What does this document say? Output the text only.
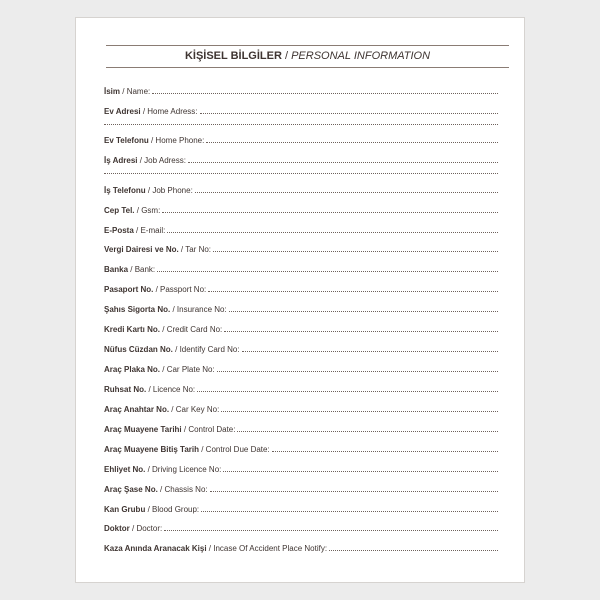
KİŞİSEL BİLGİLER / PERSONAL INFORMATION
İsim / Name:
Ev Adresi / Home Adress:
Ev Telefonu / Home Phone:
İş Adresi / Job Adress:
İş Telefonu / Job Phone:
Cep Tel. / Gsm:
E-Posta / E-mail:
Vergi Dairesi ve No. / Tar No:
Banka / Bank:
Pasaport No. / Passport No:
Şahıs Sigorta No. / Insurance No:
Kredi Kartı No. / Credit Card No:
Nüfus Cüzdan No. / Identify Card No:
Araç Plaka No. / Car Plate No:
Ruhsat No. / Licence No:
Araç Anahtar No. / Car Key No:
Araç Muayene Tarihi / Control Date:
Araç Muayene Bitiş Tarih / Control Due Date:
Ehliyet No. / Driving Licence No:
Araç Şase No. / Chassis No:
Kan Grubu / Blood Group:
Doktor / Doctor:
Kaza Anında Aranacak Kişi / Incase Of Accident Place Notify:
